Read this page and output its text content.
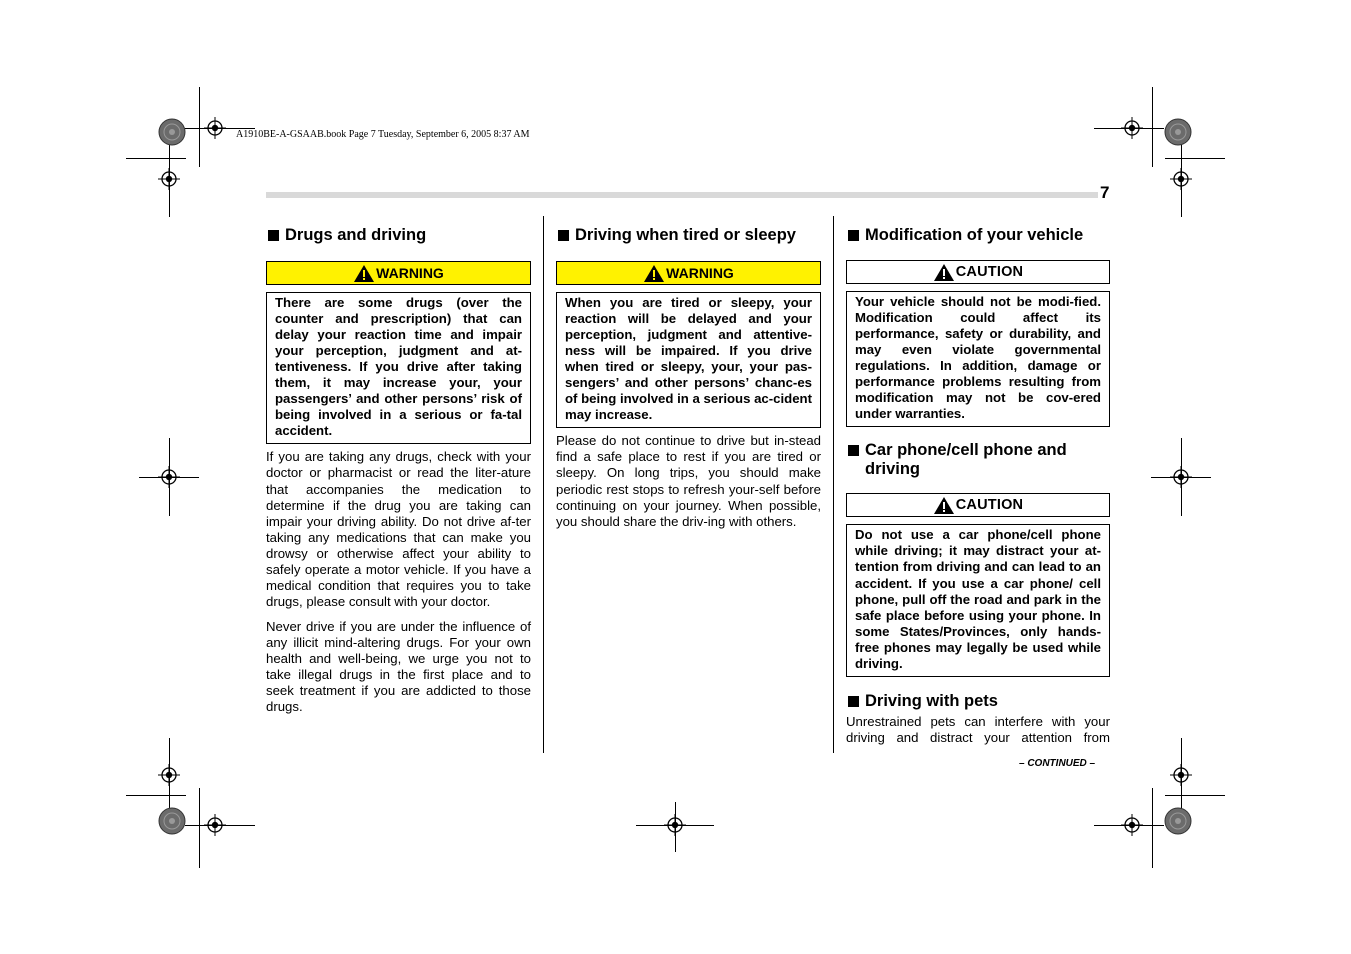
A1910BE-A-GSAAB.book Page 7 Tuesday, September 6, 2005 8:37 AM
7
Drugs and driving
WARNING
There are some drugs (over the counter and prescription) that can delay your reaction time and impair your perception, judgment and at-tentiveness. If you drive after taking them, it may increase your, your passengers’ and other persons’ risk of being involved in a serious or fa-tal accident.

If you are taking any drugs, check with your doctor or pharmacist or read the liter-ature that accompanies the medication to determine if the drug you are taking can impair your driving ability. Do not drive af-ter taking any medications that can make you drowsy or otherwise affect your ability to safely operate a motor vehicle. If you have a medical condition that requires you to take drugs, please consult with your doctor.

Never drive if you are under the influence of any illicit mind-altering drugs. For your own health and well-being, we urge you not to take illegal drugs in the first place and to seek treatment if you are addicted to those drugs.

Driving when tired or sleepy
WARNING
When you are tired or sleepy, your reaction will be delayed and your perception, judgment and attentive-ness will be impaired. If you drive when tired or sleepy, your, your pas-sengers’ and other persons’ chanc-es of being involved in a serious ac-cident may increase.

Please do not continue to drive but in-stead find a safe place to rest if you are tired or sleepy. On long trips, you should make periodic rest stops to refresh your-self before continuing on your journey. When possible, you should share the driv-ing with others.

Modification of your vehicle
CAUTION
Your vehicle should not be modi-fied. Modification could affect its performance, safety or durability, and may even violate governmental regulations. In addition, damage or performance problems resulting from modification may not be cov-ered under warranties.
Car phone/cell phone and driving
CAUTION
Do not use a car phone/cell phone while driving; it may distract your at-tention from driving and can lead to an accident. If you use a car phone/ cell phone, pull off the road and park in the safe place before using your phone. In some States/Provinces, only hands-free phones may legally be used while driving.
Driving with pets

Unrestrained pets can interfere with your driving and distract your attention from

– CONTINUED –
